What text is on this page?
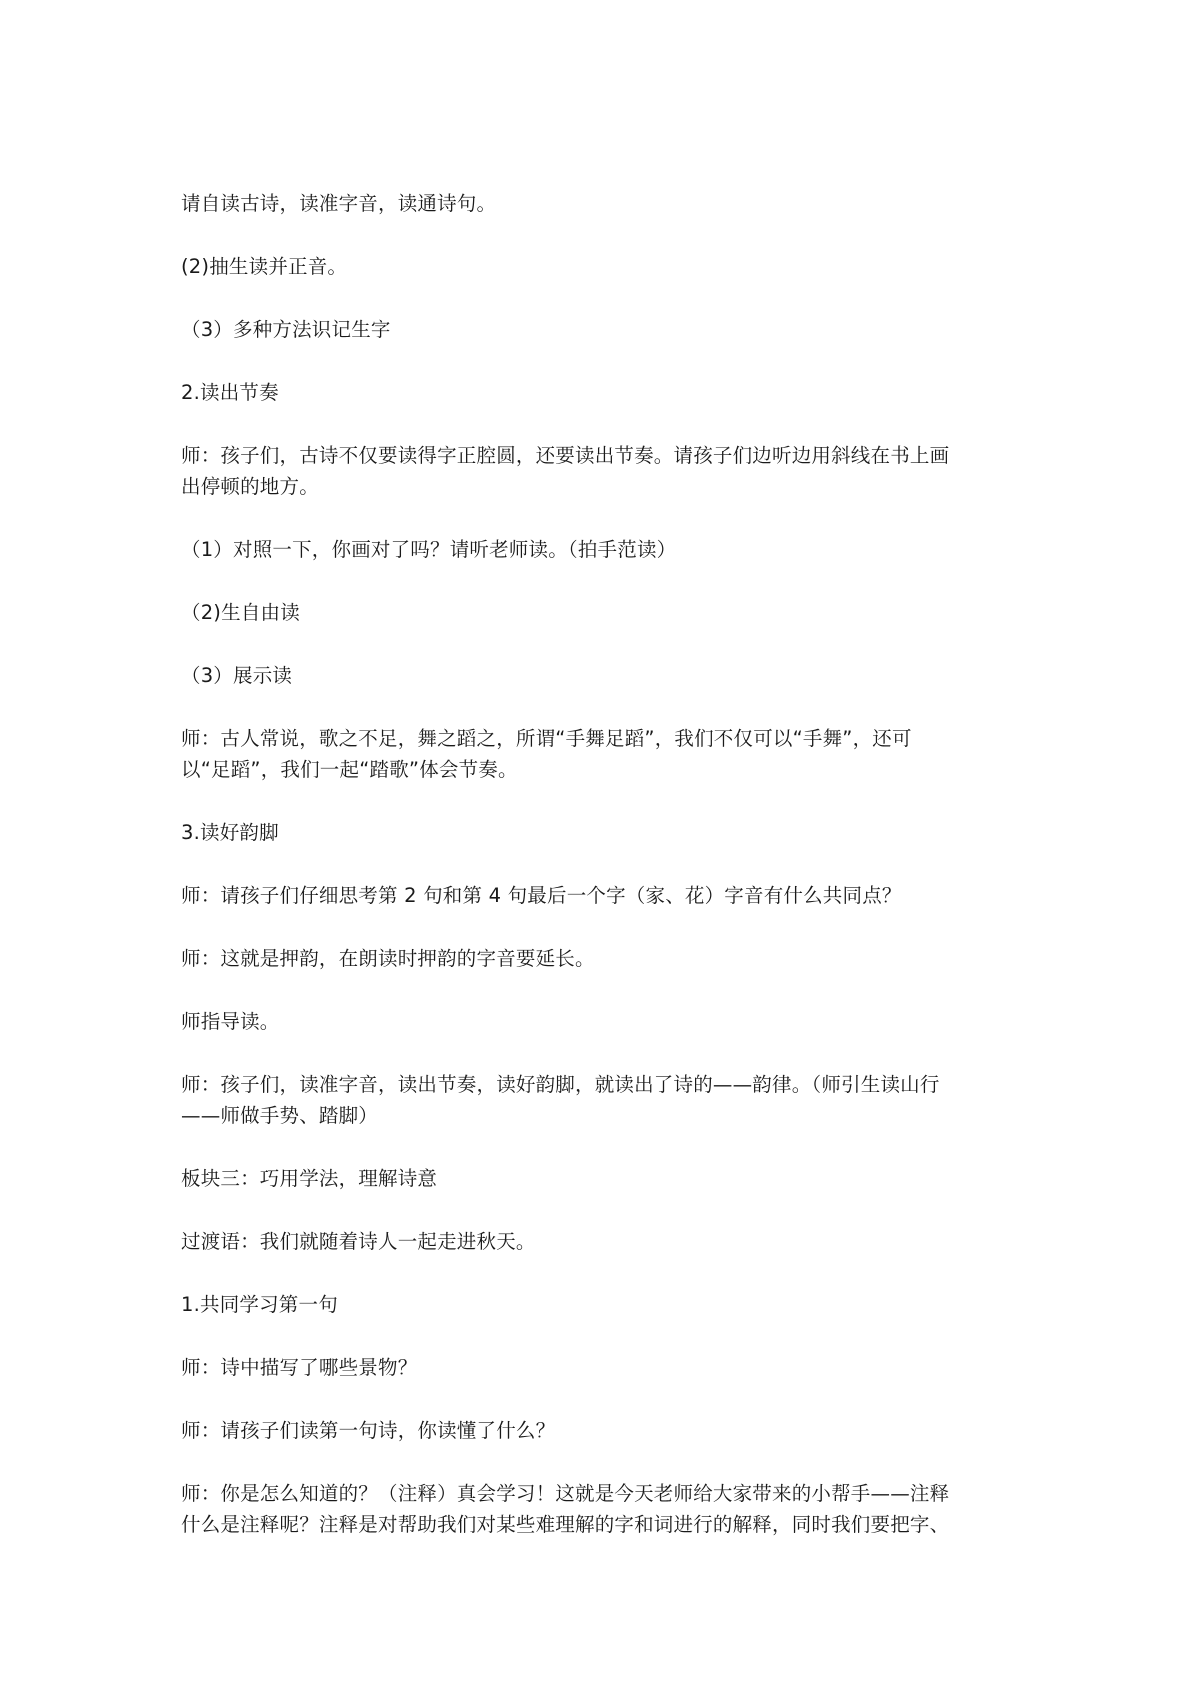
请自读古诗，读准字音，读通诗句。

(2)抽生读并正音。

（3）多种方法识记生字

2.读出节奏

师：孩子们，古诗不仅要读得字正腔圆，还要读出节奏。请孩子们边听边用斜线在书上画
出停顿的地方。

（1）对照一下，你画对了吗？请听老师读。（拍手范读）

（2)生自由读

（3）展示读

师：古人常说，歌之不足，舞之蹈之，所谓“手舞足蹈”，我们不仅可以“手舞”，还可
以“足蹈”，我们一起“踏歌”体会节奏。

3.读好韵脚

师：请孩子们仔细思考第 2 句和第 4 句最后一个字（家、花）字音有什么共同点？

师：这就是押韵，在朗读时押韵的字音要延长。

师指导读。

师：孩子们，读准字音，读出节奏，读好韵脚，就读出了诗的——韵律。（师引生读山行
——师做手势、踏脚）

板块三：巧用学法，理解诗意

过渡语：我们就随着诗人一起走进秋天。

1.共同学习第一句

师：诗中描写了哪些景物？

师：请孩子们读第一句诗，你读懂了什么？

师：你是怎么知道的？（注释）真会学习！这就是今天老师给大家带来的小帮手——注释
什么是注释呢？注释是对帮助我们对某些难理解的字和词进行的解释，同时我们要把字、
